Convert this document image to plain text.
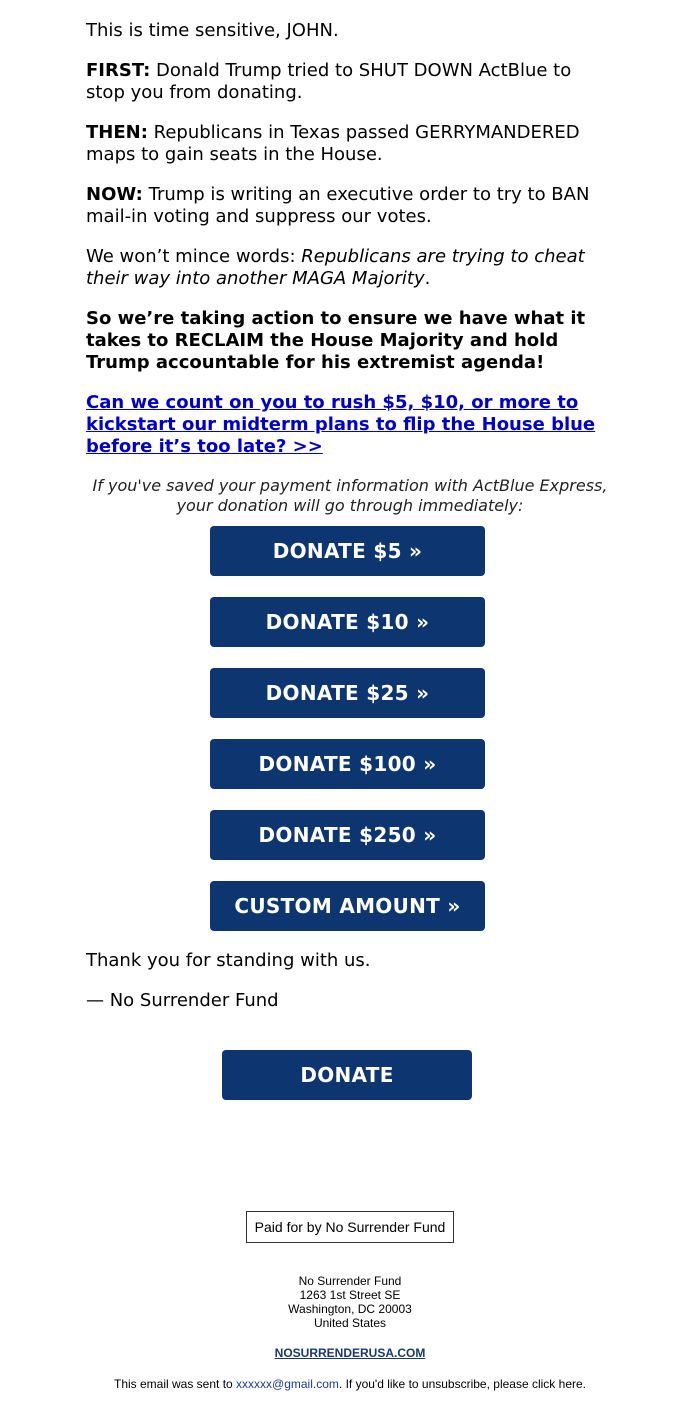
This is time sensitive, JOHN.

FIRST: Donald Trump tried to SHUT DOWN ActBlue to stop you from donating.

THEN: Republicans in Texas passed GERRYMANDERED maps to gain seats in the House.

NOW: Trump is writing an executive order to try to BAN mail-in voting and suppress our votes.

We won’t mince words: Republicans are trying to cheat their way into another MAGA Majority.

So we’re taking action to ensure we have what it takes to RECLAIM the House Majority and hold Trump accountable for his extremist agenda!

Can we count on you to rush $5, $10, or more to kickstart our midterm plans to flip the House blue before it’s too late? >>
If you've saved your payment information with ActBlue Express,
your donation will go through immediately:
DONATE $5 »
DONATE $10 »
DONATE $25 »
DONATE $100 »
DONATE $250 »
CUSTOM AMOUNT »
Thank you for standing with us.
— No Surrender Fund
DONATE
Paid for by No Surrender Fund
No Surrender Fund
1263 1st Street SE
Washington, DC 20003
United States
NOSURRENDERUSA.COM
This email was sent to xxxxxx@gmail.com. If you'd like to unsubscribe, please click here.
